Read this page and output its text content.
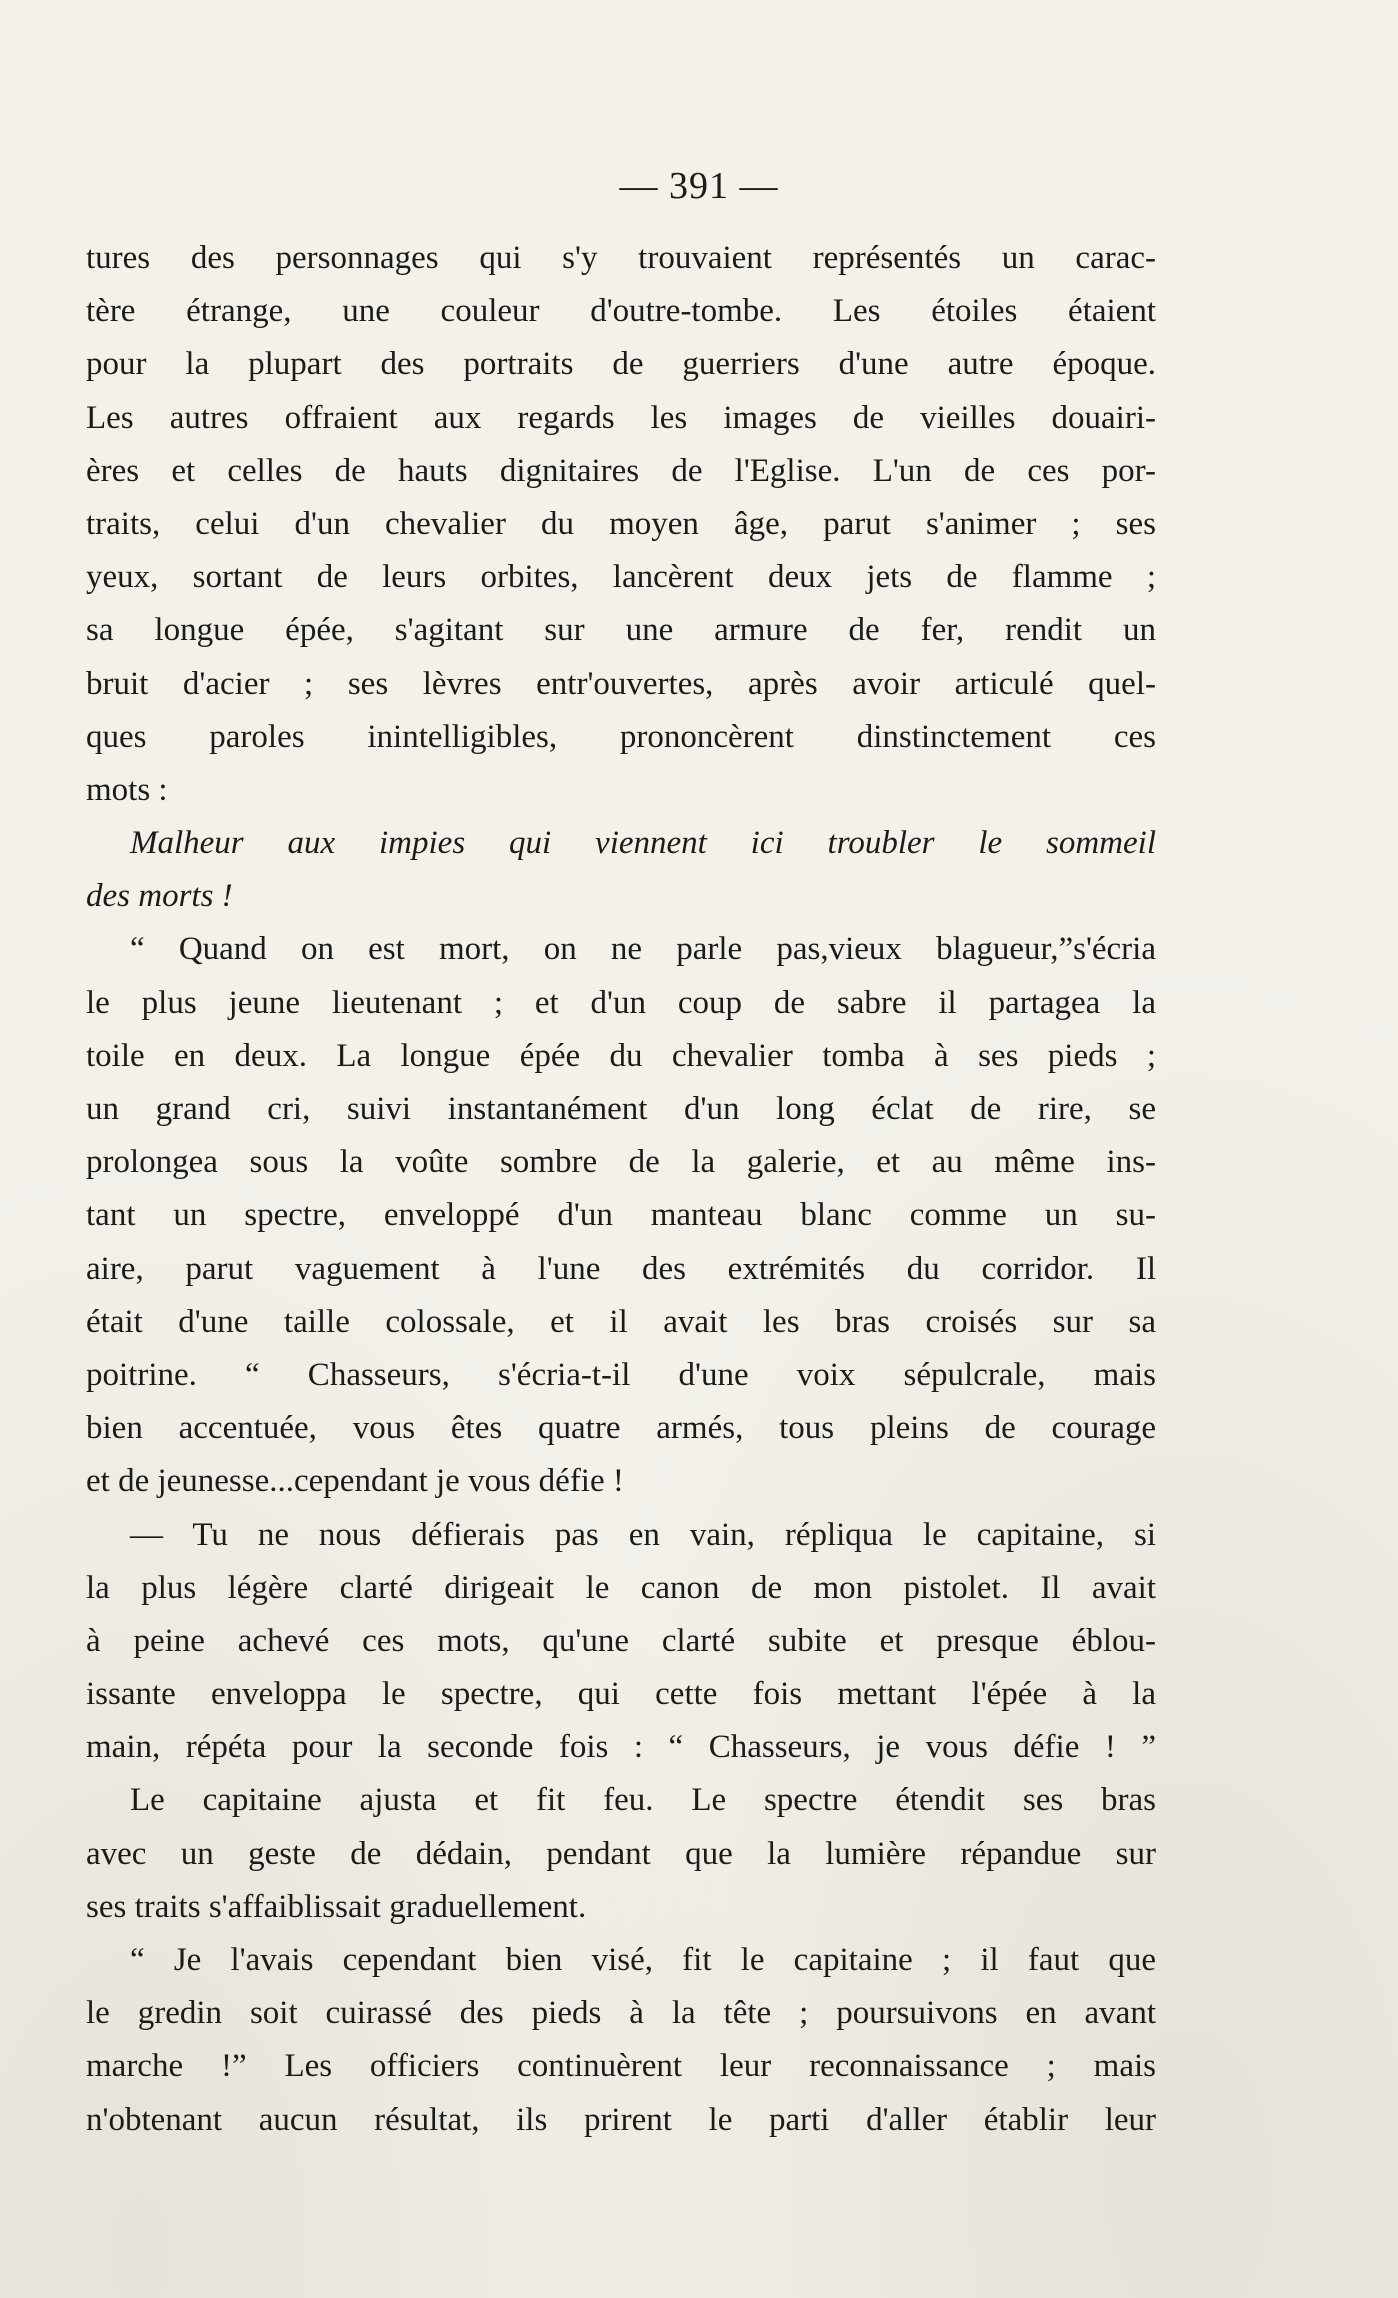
— 391 —
tures des personnages qui s'y trouvaient représentés un carac-
tère étrange, une couleur d'outre-tombe. Les étoiles étaient
pour la plupart des portraits de guerriers d'une autre époque.
Les autres offraient aux regards les images de vieilles douairi-
ères et celles de hauts dignitaires de l'Eglise. L'un de ces por-
traits, celui d'un chevalier du moyen âge, parut s'animer ; ses
yeux, sortant de leurs orbites, lancèrent deux jets de flamme ;
sa longue épée, s'agitant sur une armure de fer, rendit un
bruit d'acier ; ses lèvres entr'ouvertes, après avoir articulé quel-
ques paroles inintelligibles, prononcèrent dinstinctement ces
mots :
Malheur aux impies qui viennent ici troubler le sommeil
des morts !
“ Quand on est mort, on ne parle pas,vieux blagueur,”s'écria
le plus jeune lieutenant ; et d'un coup de sabre il partagea la
toile en deux. La longue épée du chevalier tomba à ses pieds ;
un grand cri, suivi instantanément d'un long éclat de rire, se
prolongea sous la voûte sombre de la galerie, et au même ins-
tant un spectre, enveloppé d'un manteau blanc comme un su-
aire, parut vaguement à l'une des extrémités du corridor. Il
était d'une taille colossale, et il avait les bras croisés sur sa
poitrine. “ Chasseurs, s'écria-t-il d'une voix sépulcrale, mais
bien accentuée, vous êtes quatre armés, tous pleins de courage
et de jeunesse...cependant je vous défie !
— Tu ne nous défierais pas en vain, répliqua le capitaine, si
la plus légère clarté dirigeait le canon de mon pistolet. Il avait
à peine achevé ces mots, qu'une clarté subite et presque éblou-
issante enveloppa le spectre, qui cette fois mettant l'épée à la
main, répéta pour la seconde fois : “ Chasseurs, je vous défie ! ”
Le capitaine ajusta et fit feu. Le spectre étendit ses bras
avec un geste de dédain, pendant que la lumière répandue sur
ses traits s'affaiblissait graduellement.
“ Je l'avais cependant bien visé, fit le capitaine ; il faut que
le gredin soit cuirassé des pieds à la tête ; poursuivons en avant
marche !” Les officiers continuèrent leur reconnaissance ; mais
n'obtenant aucun résultat, ils prirent le parti d'aller établir leur
